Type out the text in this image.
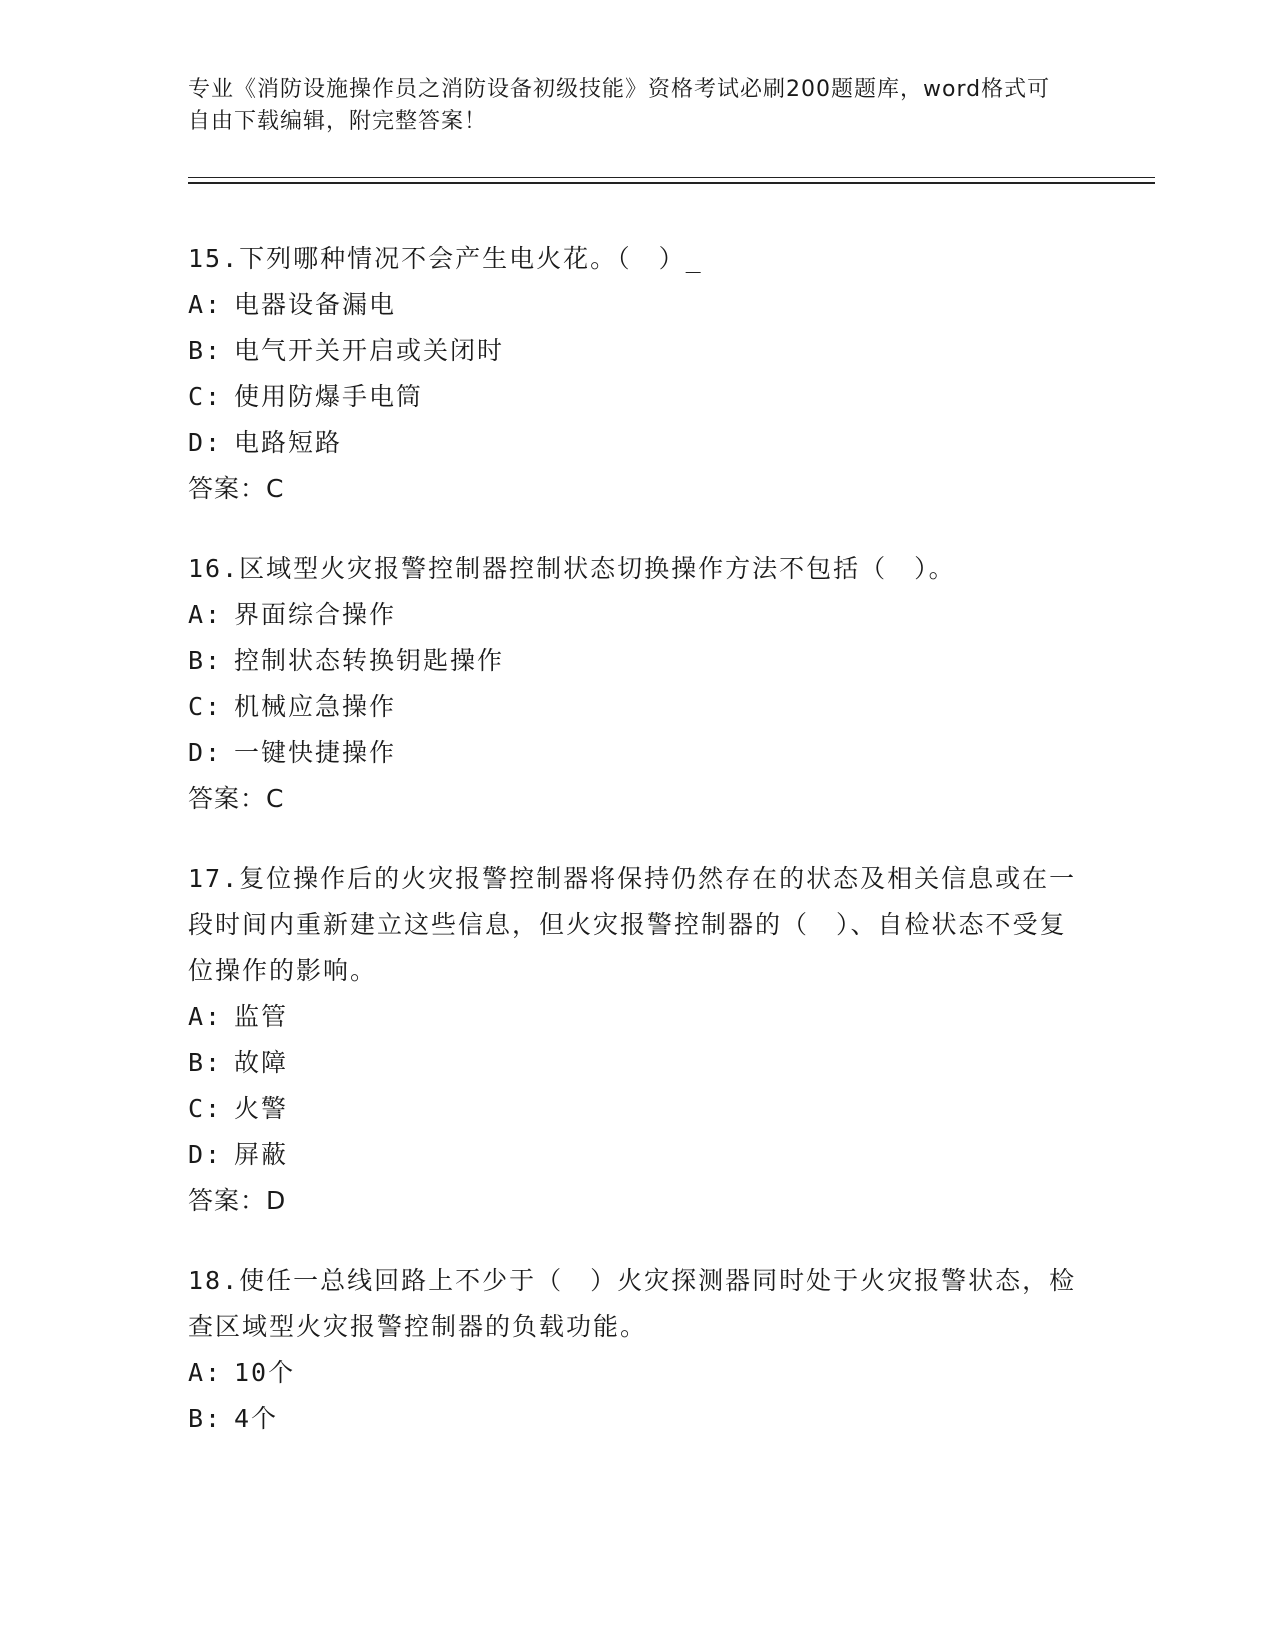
专业《消防设施操作员之消防设备初级技能》资格考试必刷200题题库，word格式可自由下载编辑，附完整答案！

15.下列哪种情况不会产生电火花。（　）_

A: 电器设备漏电

B: 电气开关开启或关闭时

C: 使用防爆手电筒

D: 电路短路

答案：C

16.区域型火灾报警控制器控制状态切换操作方法不包括（　）。

A: 界面综合操作

B: 控制状态转换钥匙操作

C: 机械应急操作

D: 一键快捷操作

答案：C

17.复位操作后的火灾报警控制器将保持仍然存在的状态及相关信息或在一段时间内重新建立这些信息，但火灾报警控制器的（　）、自检状态不受复位操作的影响。

A: 监管

B: 故障

C: 火警

D: 屏蔽

答案：D

18.使任一总线回路上不少于（　）火灾探测器同时处于火灾报警状态，检查区域型火灾报警控制器的负载功能。

A: 10个

B: 4个
